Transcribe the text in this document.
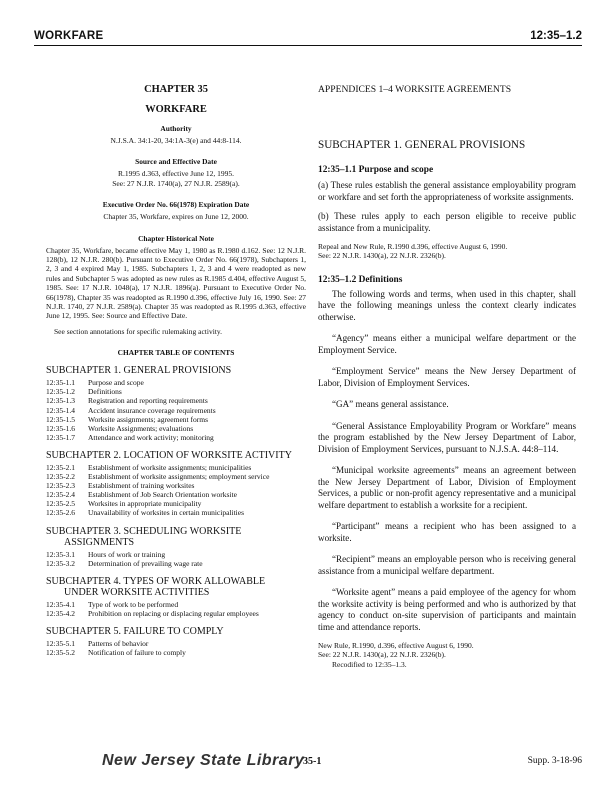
WORKFARE	12:35–1.2
CHAPTER 35
WORKFARE
Authority
N.J.S.A. 34:1-20, 34:1A-3(e) and 44:8-114.
Source and Effective Date
R.1995 d.363, effective June 12, 1995.
See: 27 N.J.R. 1740(a), 27 N.J.R. 2589(a).
Executive Order No. 66(1978) Expiration Date
Chapter 35, Workfare, expires on June 12, 2000.
Chapter Historical Note
Chapter 35, Workfare, became effective May 1, 1980 as R.1980 d.162. See: 12 N.J.R. 128(b), 12 N.J.R. 280(b). Pursuant to Executive Order No. 66(1978), Subchapters 1, 2, 3 and 4 expired May 1, 1985. Subchapters 1, 2, 3 and 4 were readopted as new rules and Subchapter 5 was adopted as new rules as R.1985 d.404, effective August 5, 1985. See: 17 N.J.R. 1048(a), 17 N.J.R. 1896(a). Pursuant to Executive Order No. 66(1978), Chapter 35 was readopted as R.1990 d.396, effective July 16, 1990. See: 27 N.J.R. 1740, 27 N.J.R. 2589(a). Chapter 35 was readopted as R.1995 d.363, effective June 12, 1995. See: Source and Effective Date.
See section annotations for specific rulemaking activity.
CHAPTER TABLE OF CONTENTS
SUBCHAPTER 1. GENERAL PROVISIONS
12:35-1.1	Purpose and scope
12:35-1.2	Definitions
12:35-1.3	Registration and reporting requirements
12:35-1.4	Accident insurance coverage requirements
12:35-1.5	Worksite assignments; agreement forms
12:35-1.6	Worksite Assignments; evaluations
12:35-1.7	Attendance and work activity; monitoring
SUBCHAPTER 2. LOCATION OF WORKSITE ACTIVITY
12:35-2.1	Establishment of worksite assignments; municipalities
12:35-2.2	Establishment of worksite assignments; employment service
12:35-2.3	Establishment of training worksites
12:35-2.4	Establishment of Job Search Orientation worksite
12:35-2.5	Worksites in appropriate municipality
12:35-2.6	Unavailability of worksites in certain municipalities
SUBCHAPTER 3. SCHEDULING WORKSITE
ASSIGNMENTS
12:35-3.1	Hours of work or training
12:35-3.2	Determination of prevailing wage rate
SUBCHAPTER 4. TYPES OF WORK ALLOWABLE
UNDER WORKSITE ACTIVITIES
12:35-4.1	Type of work to be performed
12:35-4.2	Prohibition on replacing or displacing regular employees
SUBCHAPTER 5. FAILURE TO COMPLY
12:35-5.1	Patterns of behavior
12:35-5.2	Notification of failure to comply
APPENDICES 1–4 WORKSITE AGREEMENTS
SUBCHAPTER 1. GENERAL PROVISIONS
12:35–1.1 Purpose and scope

(a) These rules establish the general assistance employability program or workfare and set forth the appropriateness of worksite assignments.

(b) These rules apply to each person eligible to receive public assistance from a municipality.

Repeal and New Rule, R.1990 d.396, effective August 6, 1990.
See: 22 N.J.R. 1430(a), 22 N.J.R. 2326(b).
12:35–1.2 Definitions

The following words and terms, when used in this chapter, shall have the following meanings unless the context clearly indicates otherwise.

“Agency” means either a municipal welfare department or the Employment Service.

“Employment Service” means the New Jersey Department of Labor, Division of Employment Services.

“GA” means general assistance.

“General Assistance Employability Program or Workfare” means the program established by the New Jersey Department of Labor, Division of Employment Services, pursuant to N.J.S.A. 44:8–114.

“Municipal worksite agreements” means an agreement between the New Jersey Department of Labor, Division of Employment Services, a public or non-profit agency representative and a municipal welfare department to establish a worksite for a recipient.

“Participant” means a recipient who has been assigned to a worksite.

“Recipient” means an employable person who is receiving general assistance from a municipal welfare department.

“Worksite agent” means a paid employee of the agency for whom the worksite activity is being performed and who is authorized by that agency to conduct on-site supervision of participants and maintain time and attendance reports.

New Rule, R.1990, d.396, effective August 6, 1990.
See: 22 N.J.R. 1430(a), 22 N.J.R. 2326(b).
Recodified to 12:35–1.3.
New Jersey State Library
35-1	Supp. 3-18-96
